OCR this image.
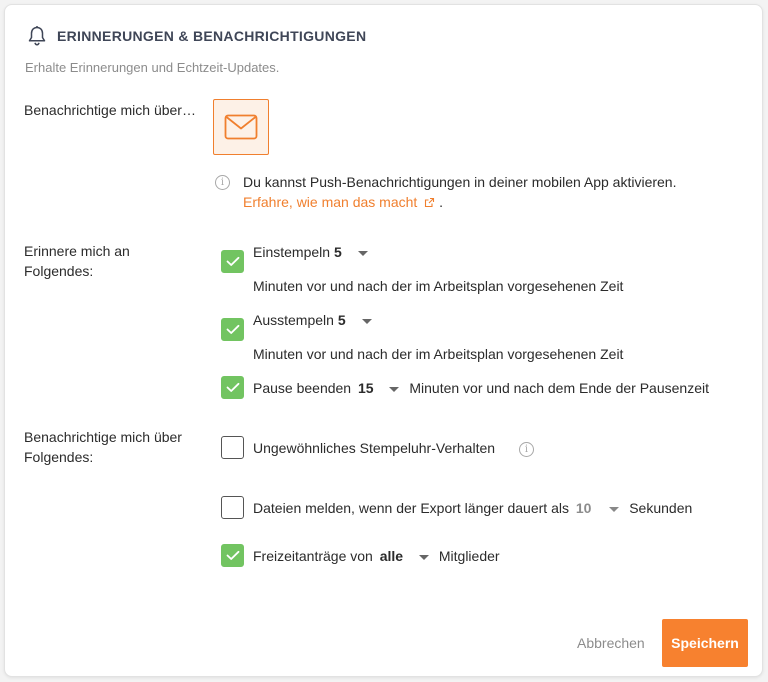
ERINNERUNGEN & BENACHRICHTIGUNGEN
Erhalte Erinnerungen und Echtzeit-Updates.
Benachrichtige mich über…
i	Du kannst Push-Benachrichtigungen in deiner mobilen App aktivieren.
Erfahre, wie man das macht .
Erinnere mich an
Folgendes:
Einstempeln 5
Minuten vor und nach der im Arbeitsplan vorgesehenen Zeit
Ausstempeln 5
Minuten vor und nach der im Arbeitsplan vorgesehenen Zeit
Pause beenden 15	Minuten vor und nach dem Ende der Pausenzeit
Benachrichtige mich über
Folgendes:
Ungewöhnliches Stempeluhr-Verhalten	i
Dateien melden, wenn der Export länger dauert als 10	Sekunden
Freizeitanträge von alle	Mitglieder
Abbrechen	Speichern
